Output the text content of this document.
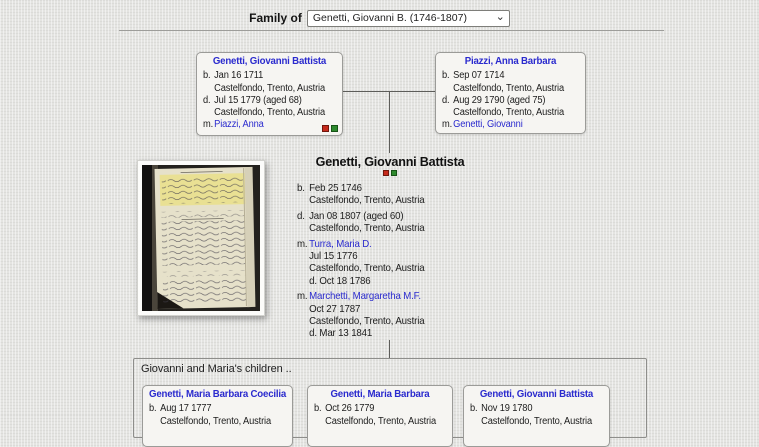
Family of	Genetti, Giovanni B. (1746-1807)	⌄
Genetti, Giovanni Battista
b. Jan 16 1711
Castelfondo, Trento, Austria
d. Jul 15 1779 (aged 68)
Castelfondo, Trento, Austria
m. Piazzi, Anna
Piazzi, Anna Barbara
b. Sep 07 1714
Castelfondo, Trento, Austria
d. Aug 29 1790 (aged 75)
Castelfondo, Trento, Austria
m. Genetti, Giovanni
Genetti, Giovanni Battista
b. Feb 25 1746
Castelfondo, Trento, Austria
d. Jan 08 1807 (aged 60)
Castelfondo, Trento, Austria
m. Turra, Maria D.
Jul 15 1776
Castelfondo, Trento, Austria
d. Oct 18 1786
m. Marchetti, Margaretha M.F.
Oct 27 1787
Castelfondo, Trento, Austria
d. Mar 13 1841
Giovanni and Maria's children ..
Genetti, Maria Barbara Coecilia
b. Aug 17 1777
Castelfondo, Trento, Austria
Genetti, Maria Barbara
b. Oct 26 1779
Castelfondo, Trento, Austria
Genetti, Giovanni Battista
b. Nov 19 1780
Castelfondo, Trento, Austria
